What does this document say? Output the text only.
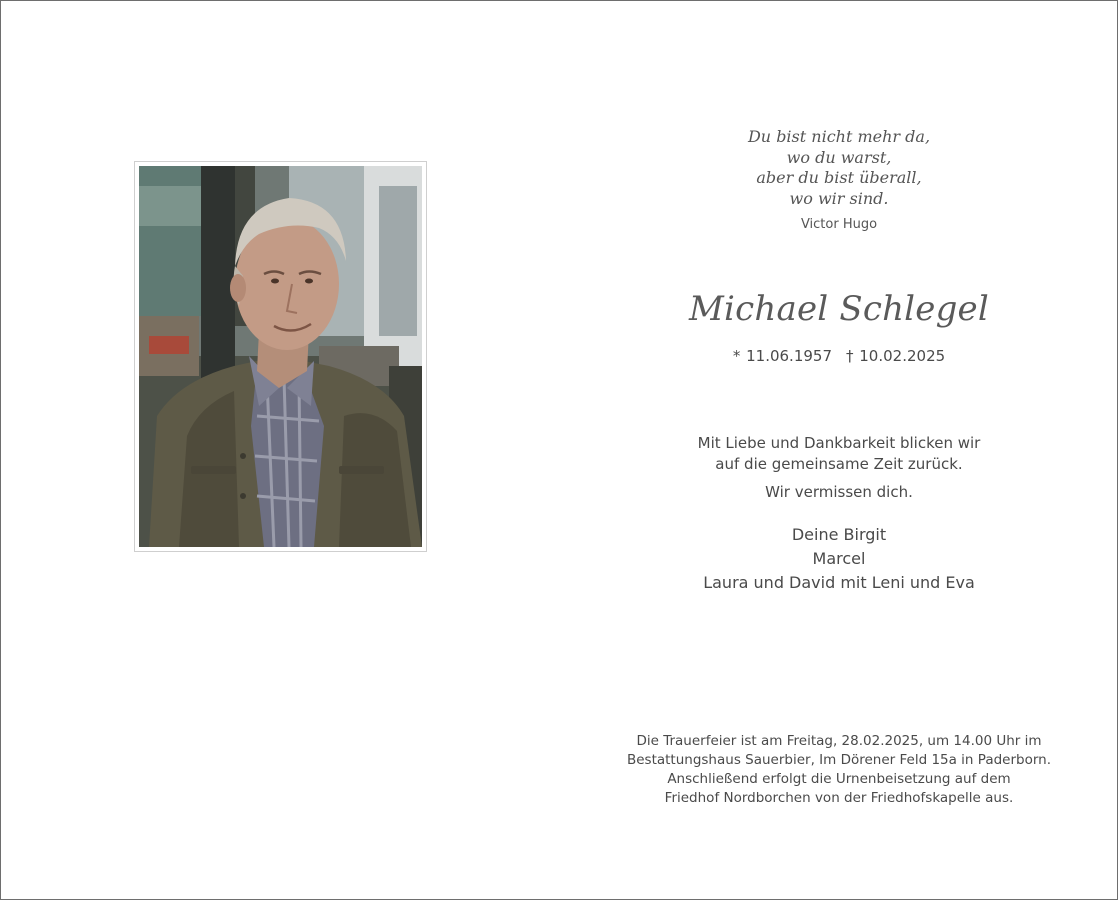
Du bist nicht mehr da,
wo du warst,
aber du bist überall,
wo wir sind.
Victor Hugo
Michael Schlegel
* 11.06.1957 † 10.02.2025
Mit Liebe und Dankbarkeit blicken wir
auf die gemeinsame Zeit zurück.
Wir vermissen dich.
Deine Birgit
Marcel
Laura und David mit Leni und Eva
Die Trauerfeier ist am Freitag, 28.02.2025, um 14.00 Uhr im
Bestattungshaus Sauerbier, Im Dörener Feld 15a in Paderborn.
Anschließend erfolgt die Urnenbeisetzung auf dem
Friedhof Nordborchen von der Friedhofskapelle aus.
